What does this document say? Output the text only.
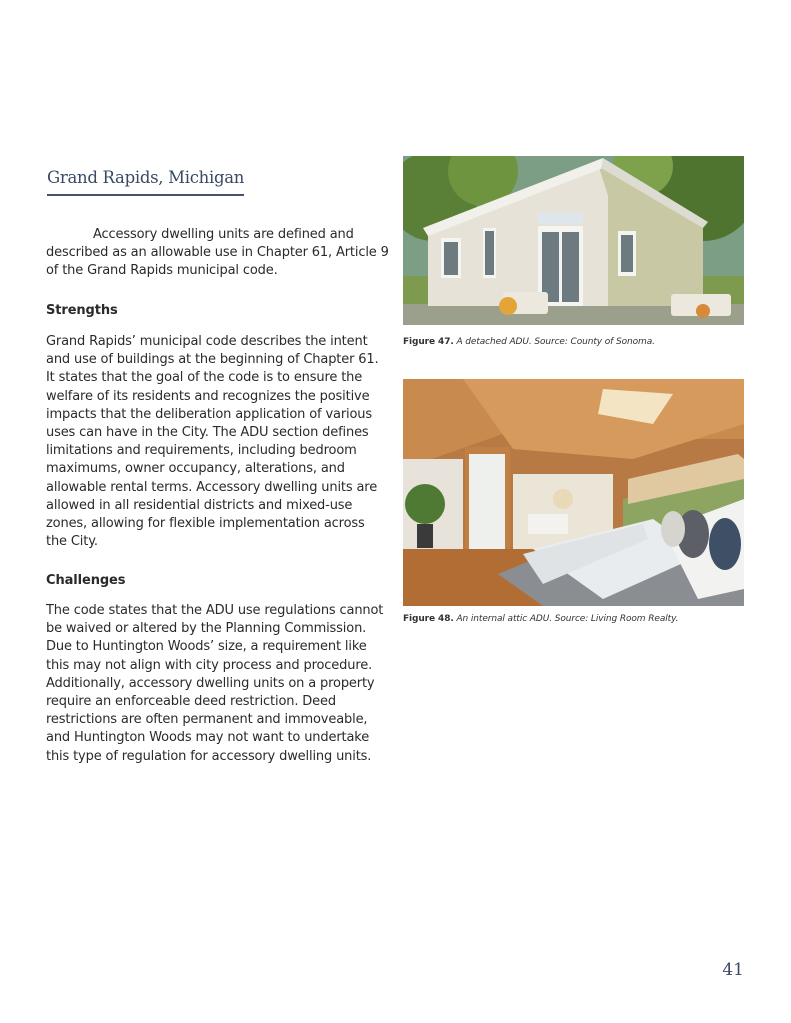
Grand Rapids, Michigan

Accessory dwelling units are defined and described as an allowable use in Chapter 61, Article 9 of the Grand Rapids municipal code.

Strengths

Grand Rapids’ municipal code describes the intent and use of buildings at the beginning of Chapter 61. It states that the goal of the code is to ensure the welfare of its residents and recognizes the positive impacts that the deliberation application of various uses can have in the City. The ADU section defines limitations and requirements, including bedroom maximums, owner occupancy, alterations, and allowable rental terms. Accessory dwelling units are allowed in all residential districts and mixed-use zones, allowing for flexible implementation across the City.

Challenges

The code states that the ADU use regulations cannot be waived or altered by the Planning Commission. Due to Huntington Woods’ size, a requirement like this may not align with city process and procedure. Additionally, accessory dwelling units on a property require an enforceable deed restriction. Deed restrictions are often permanent and immoveable, and Huntington Woods may not want to undertake this type of regulation for accessory dwelling units.

Figure 47. A detached ADU. Source: County of Sonoma.
Figure 48. An internal attic ADU. Source: Living Room Realty.
41
